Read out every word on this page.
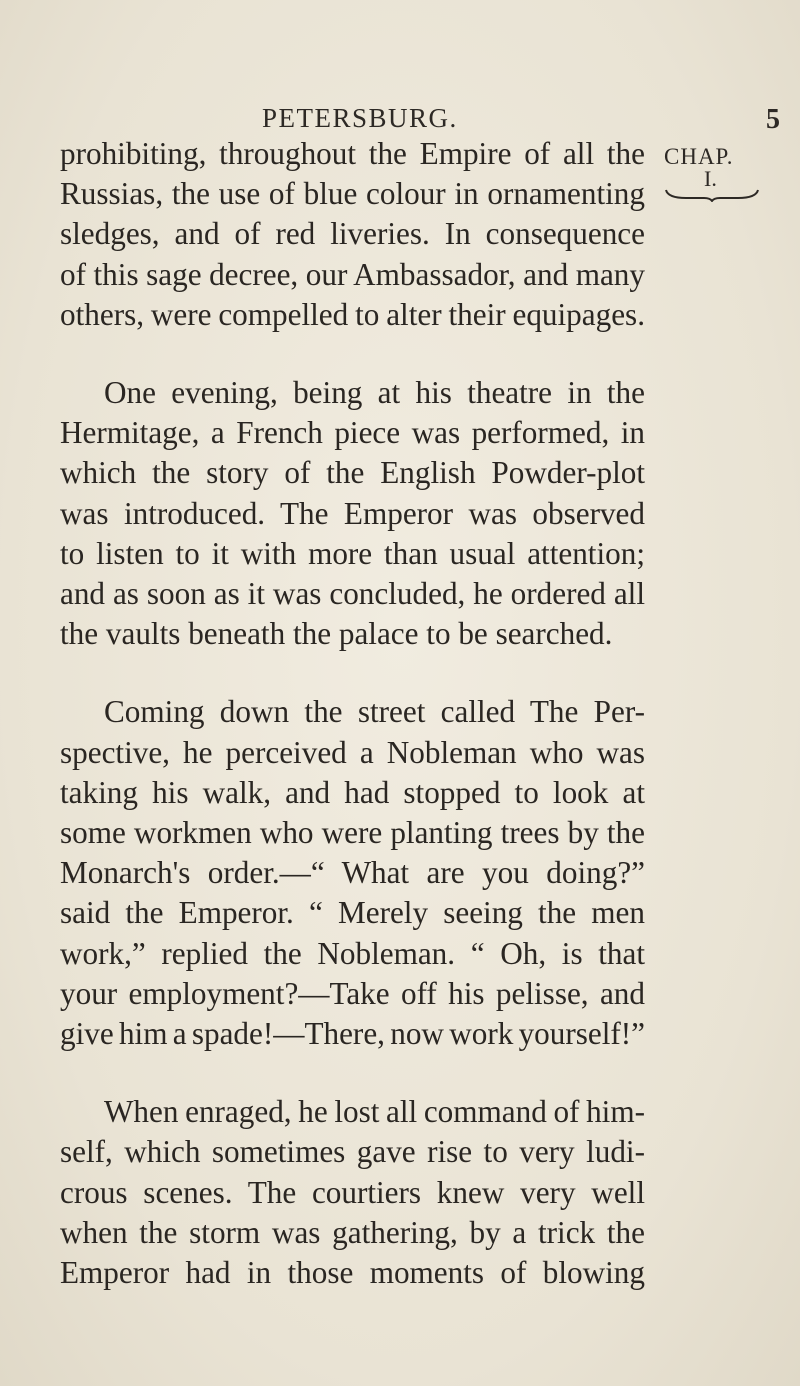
PETERSBURG.	5
CHAP.
I.
prohibiting, throughout the Empire of all the
Russias, the use of blue colour in ornamenting
sledges, and of red liveries. In consequence
of this sage decree, our Ambassador, and many
others, were compelled to alter their equipages.
One evening, being at his theatre in the
Hermitage, a French piece was performed, in
which the story of the English Powder-plot
was introduced. The Emperor was observed
to listen to it with more than usual attention;
and as soon as it was concluded, he ordered all
the vaults beneath the palace to be searched.
Coming down the street called The Per-
spective, he perceived a Nobleman who was
taking his walk, and had stopped to look at
some workmen who were planting trees by the
Monarch's order.—“ What are you doing?”
said the Emperor. “ Merely seeing the men
work,” replied the Nobleman. “ Oh, is that
your employment?—Take off his pelisse, and
give him a spade!—There, now work yourself!”
When enraged, he lost all command of him-
self, which sometimes gave rise to very ludi-
crous scenes. The courtiers knew very well
when the storm was gathering, by a trick the
Emperor had in those moments of blowing
